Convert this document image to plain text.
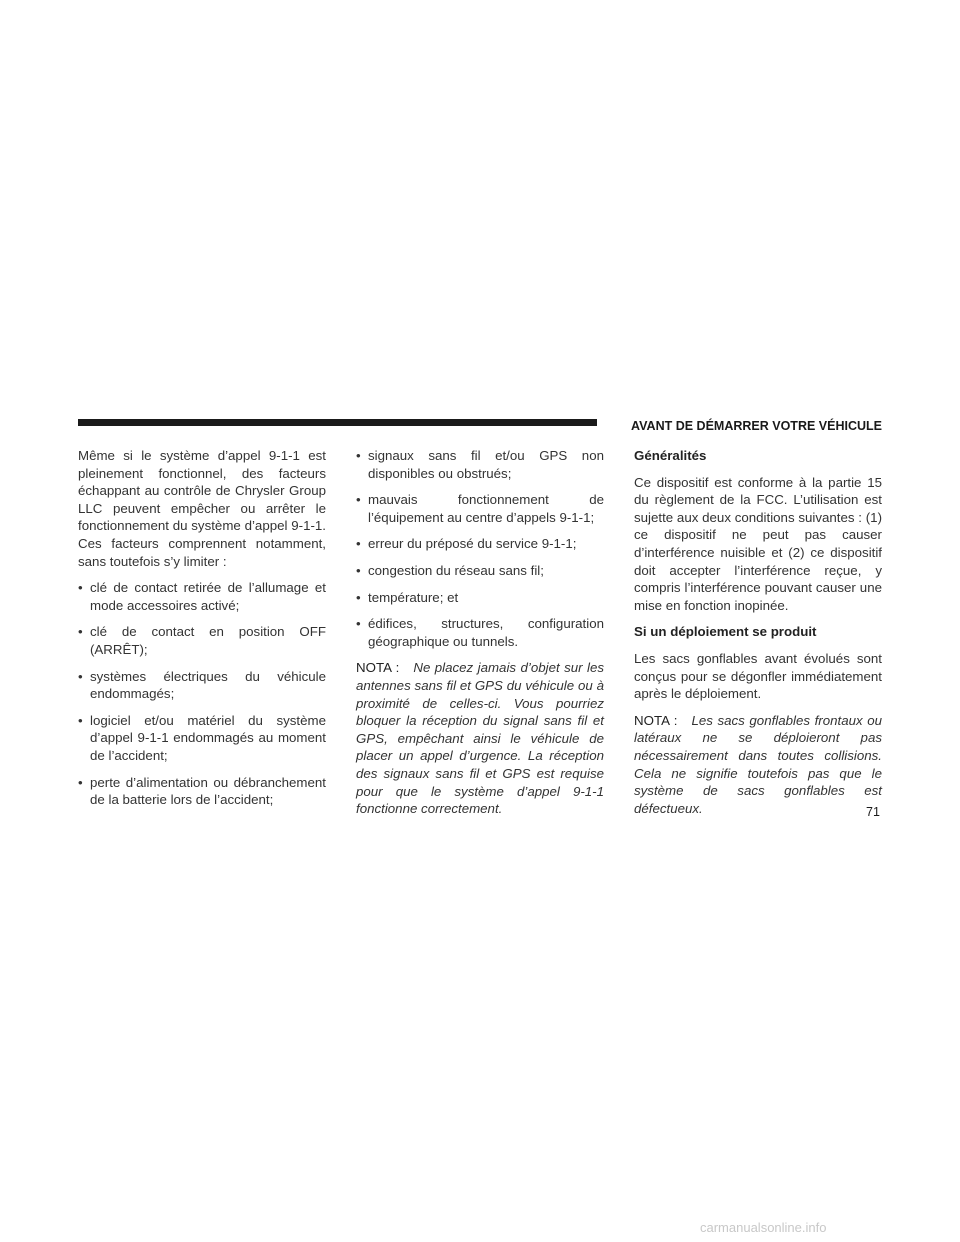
AVANT DE DÉMARRER VOTRE VÉHICULE

Même si le système d’appel 9-1-1 est pleinement fonctionnel, des facteurs échappant au contrôle de Chrysler Group LLC peuvent empêcher ou arrêter le fonctionnement du système d’appel 9-1-1. Ces facteurs comprennent notamment, sans toutefois s’y limiter :

• clé de contact retirée de l’allumage et mode accessoires activé;
• clé de contact en position OFF (ARRÊT);
• systèmes électriques du véhicule endommagés;
• logiciel et/ou matériel du système d’appel 9-1-1 endommagés au moment de l’accident;
• perte d’alimentation ou débranchement de la batterie lors de l’accident;
• signaux sans fil et/ou GPS non disponibles ou obstrués;
• mauvais fonctionnement de l’équipement au centre d’appels 9-1-1;
• erreur du préposé du service 9-1-1;
• congestion du réseau sans fil;
• température; et
• édifices, structures, configuration géographique ou tunnels.

NOTA : Ne placez jamais d’objet sur les antennes sans fil et GPS du véhicule ou à proximité de celles-ci. Vous pourriez bloquer la réception du signal sans fil et GPS, empêchant ainsi le véhicule de placer un appel d’urgence. La réception des signaux sans fil et GPS est requise pour que le système d’appel 9-1-1 fonctionne correctement.

Généralités

Ce dispositif est conforme à la partie 15 du règlement de la FCC. L’utilisation est sujette aux deux conditions suivantes : (1) ce dispositif ne peut pas causer d’interférence nuisible et (2) ce dispositif doit accepter l’interférence reçue, y compris l’interférence pouvant causer une mise en fonction inopinée.

Si un déploiement se produit

Les sacs gonflables avant évolués sont conçus pour se dégonfler immédiatement après le déploiement.

NOTA : Les sacs gonflables frontaux ou latéraux ne se déploieront pas nécessairement dans toutes collisions. Cela ne signifie toutefois pas que le système de sacs gonflables est défectueux.	71
carmanualsonline.info
